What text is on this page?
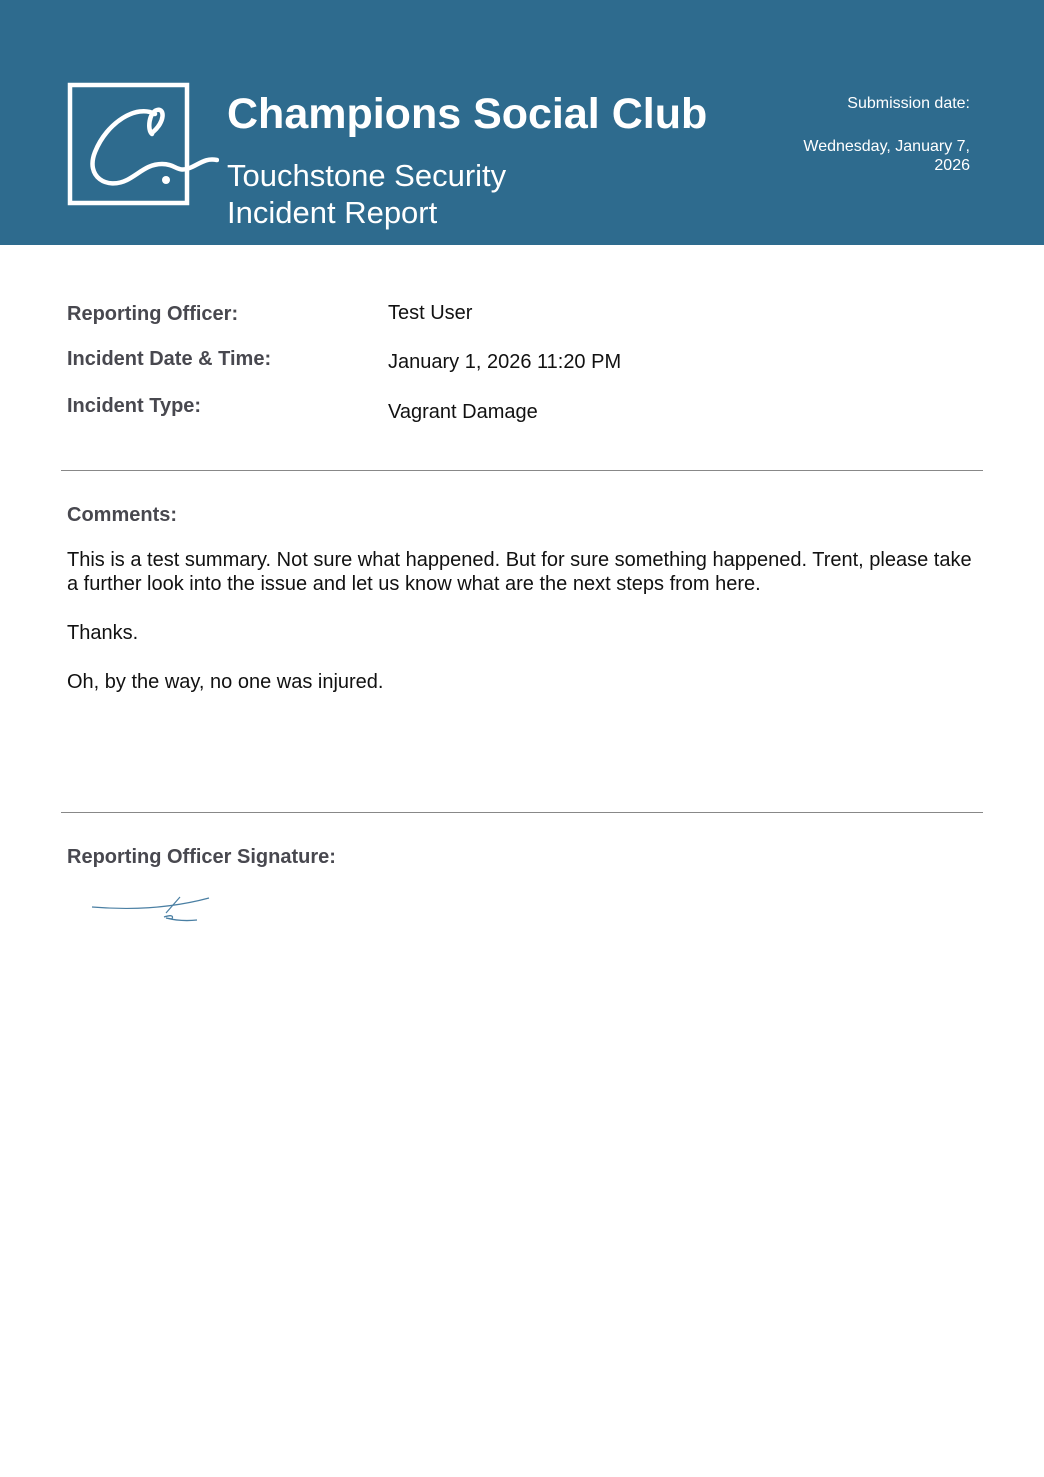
Champions Social Club
Touchstone Security
Incident Report
Submission date:
Wednesday, January 7,
2026
Reporting Officer:	Test User
Incident Date & Time:	January 1, 2026 11:20 PM
Incident Type:	Vagrant Damage
Comments:
This is a test summary. Not sure what happened. But for sure something happened. Trent, please take a further look into the issue and let us know what are the next steps from here.
Thanks.
Oh, by the way, no one was injured.
Reporting Officer Signature:
